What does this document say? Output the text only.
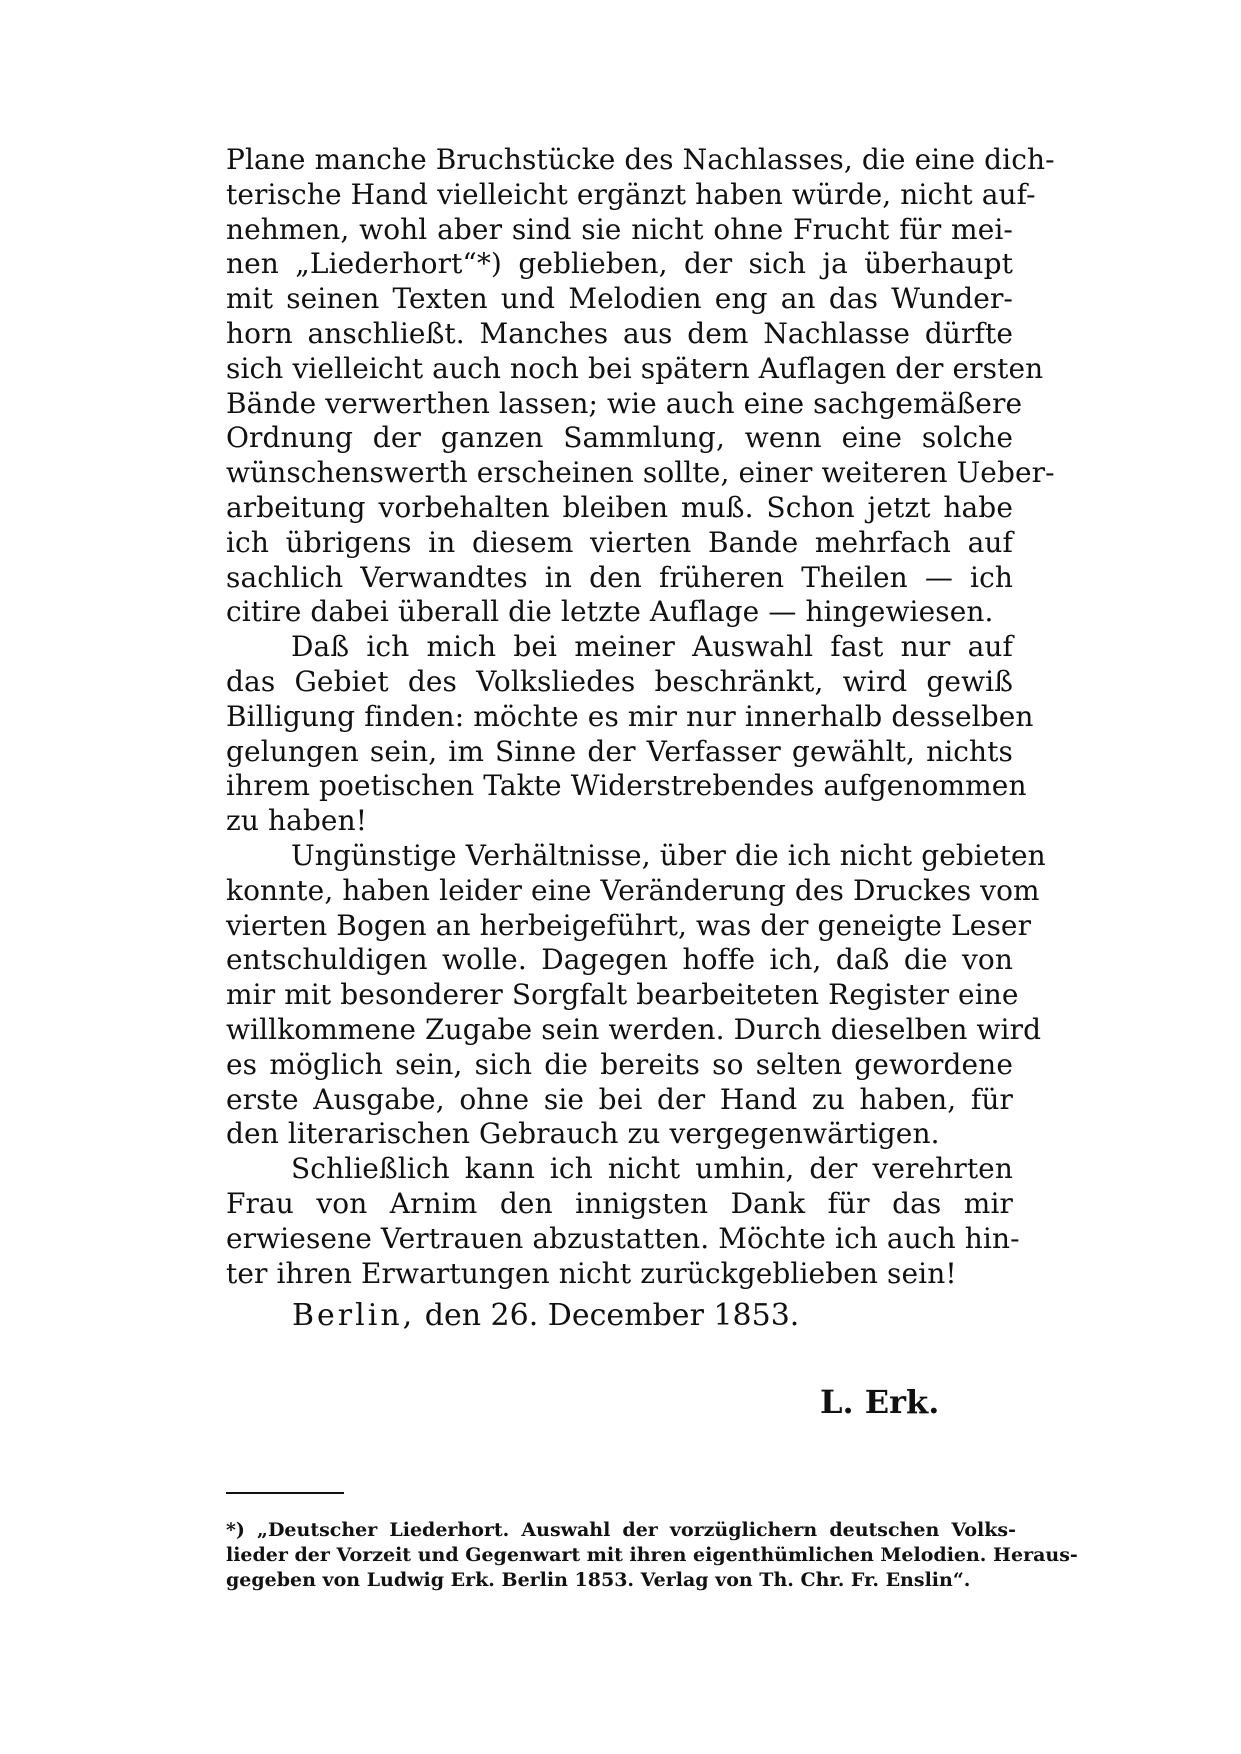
Plane manche Bruchstücke des Nachlasses, die eine dich-
terische Hand vielleicht ergänzt haben würde, nicht auf-
nehmen, wohl aber sind sie nicht ohne Frucht für mei-
nen „Liederhort“*) geblieben, der sich ja überhaupt
mit seinen Texten und Melodien eng an das Wunder-
horn anschließt. Manches aus dem Nachlasse dürfte
sich vielleicht auch noch bei spätern Auflagen der ersten
Bände verwerthen lassen; wie auch eine sachgemäßere
Ordnung der ganzen Sammlung, wenn eine solche
wünschenswerth erscheinen sollte, einer weiteren Ueber-
arbeitung vorbehalten bleiben muß. Schon jetzt habe
ich übrigens in diesem vierten Bande mehrfach auf
sachlich Verwandtes in den früheren Theilen — ich
citire dabei überall die letzte Auflage — hingewiesen.
Daß ich mich bei meiner Auswahl fast nur auf
das Gebiet des Volksliedes beschränkt, wird gewiß
Billigung finden: möchte es mir nur innerhalb desselben
gelungen sein, im Sinne der Verfasser gewählt, nichts
ihrem poetischen Takte Widerstrebendes aufgenommen
zu haben!
Ungünstige Verhältnisse, über die ich nicht gebieten
konnte, haben leider eine Veränderung des Druckes vom
vierten Bogen an herbeigeführt, was der geneigte Leser
entschuldigen wolle. Dagegen hoffe ich, daß die von
mir mit besonderer Sorgfalt bearbeiteten Register eine
willkommene Zugabe sein werden. Durch dieselben wird
es möglich sein, sich die bereits so selten gewordene
erste Ausgabe, ohne sie bei der Hand zu haben, für
den literarischen Gebrauch zu vergegenwärtigen.
Schließlich kann ich nicht umhin, der verehrten
Frau von Arnim den innigsten Dank für das mir
erwiesene Vertrauen abzustatten. Möchte ich auch hin-
ter ihren Erwartungen nicht zurückgeblieben sein!
Berlin, den 26. December 1853.
L. Erk.
*) „Deutscher Liederhort. Auswahl der vorzüglichern deutschen Volks-
lieder der Vorzeit und Gegenwart mit ihren eigenthümlichen Melodien. Heraus-
gegeben von Ludwig Erk. Berlin 1853. Verlag von Th. Chr. Fr. Enslin“.
